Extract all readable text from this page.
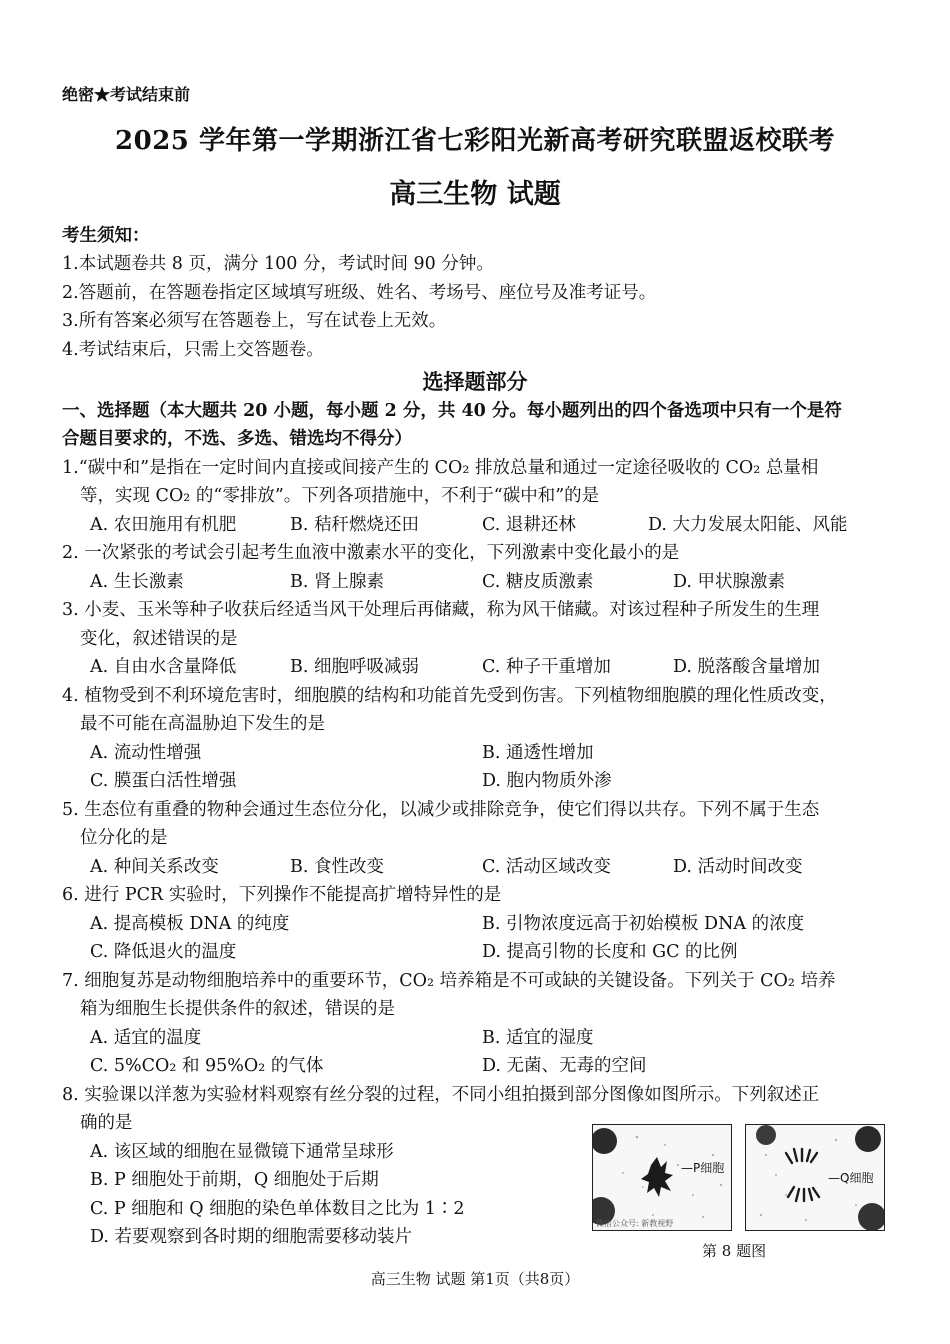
绝密★考试结束前
2025 学年第一学期浙江省七彩阳光新高考研究联盟返校联考
高三生物 试题
考生须知：
1.本试题卷共 8 页，满分 100 分，考试时间 90 分钟。
2.答题前，在答题卷指定区域填写班级、姓名、考场号、座位号及准考证号。
3.所有答案必须写在答题卷上，写在试卷上无效。
4.考试结束后，只需上交答题卷。
选择题部分
一、选择题（本大题共 20 小题，每小题 2 分，共 40 分。每小题列出的四个备选项中只有一个是符
合题目要求的，不选、多选、错选均不得分）
1.“碳中和”是指在一定时间内直接或间接产生的 CO₂ 排放总量和通过一定途径吸收的 CO₂ 总量相
等，实现 CO₂ 的“零排放”。下列各项措施中，不利于“碳中和”的是
A. 农田施用有机肥	B. 秸秆燃烧还田	C. 退耕还林	D. 大力发展太阳能、风能
2. 一次紧张的考试会引起考生血液中激素水平的变化，下列激素中变化最小的是
A. 生长激素	B. 肾上腺素	C. 糖皮质激素	D. 甲状腺激素
3. 小麦、玉米等种子收获后经适当风干处理后再储藏，称为风干储藏。对该过程种子所发生的生理
变化，叙述错误的是
A. 自由水含量降低	B. 细胞呼吸减弱	C. 种子干重增加	D. 脱落酸含量增加
4. 植物受到不利环境危害时，细胞膜的结构和功能首先受到伤害。下列植物细胞膜的理化性质改变，
最不可能在高温胁迫下发生的是
A. 流动性增强	B. 通透性增加
C. 膜蛋白活性增强	D. 胞内物质外渗
5. 生态位有重叠的物种会通过生态位分化，以减少或排除竞争，使它们得以共存。下列不属于生态
位分化的是
A. 种间关系改变	B. 食性改变	C. 活动区域改变	D. 活动时间改变
6. 进行 PCR 实验时，下列操作不能提高扩增特异性的是
A. 提高模板 DNA 的纯度	B. 引物浓度远高于初始模板 DNA 的浓度
C. 降低退火的温度	D. 提高引物的长度和 GC 的比例
7. 细胞复苏是动物细胞培养中的重要环节，CO₂ 培养箱是不可或缺的关键设备。下列关于 CO₂ 培养
箱为细胞生长提供条件的叙述，错误的是
A. 适宜的温度	B. 适宜的湿度
C. 5%CO₂ 和 95%O₂ 的气体	D. 无菌、无毒的空间
8. 实验课以洋葱为实验材料观察有丝分裂的过程，不同小组拍摄到部分图像如图所示。下列叙述正
确的是
A. 该区域的细胞在显微镜下通常呈球形
B. P 细胞处于前期，Q 细胞处于后期
C. P 细胞和 Q 细胞的染色单体数目之比为 1∶2
D. 若要观察到各时期的细胞需要移动装片
—P细胞
微信公众号: 新教视野
—Q细胞
第 8 题图
高三生物 试题 第1页（共8页）
